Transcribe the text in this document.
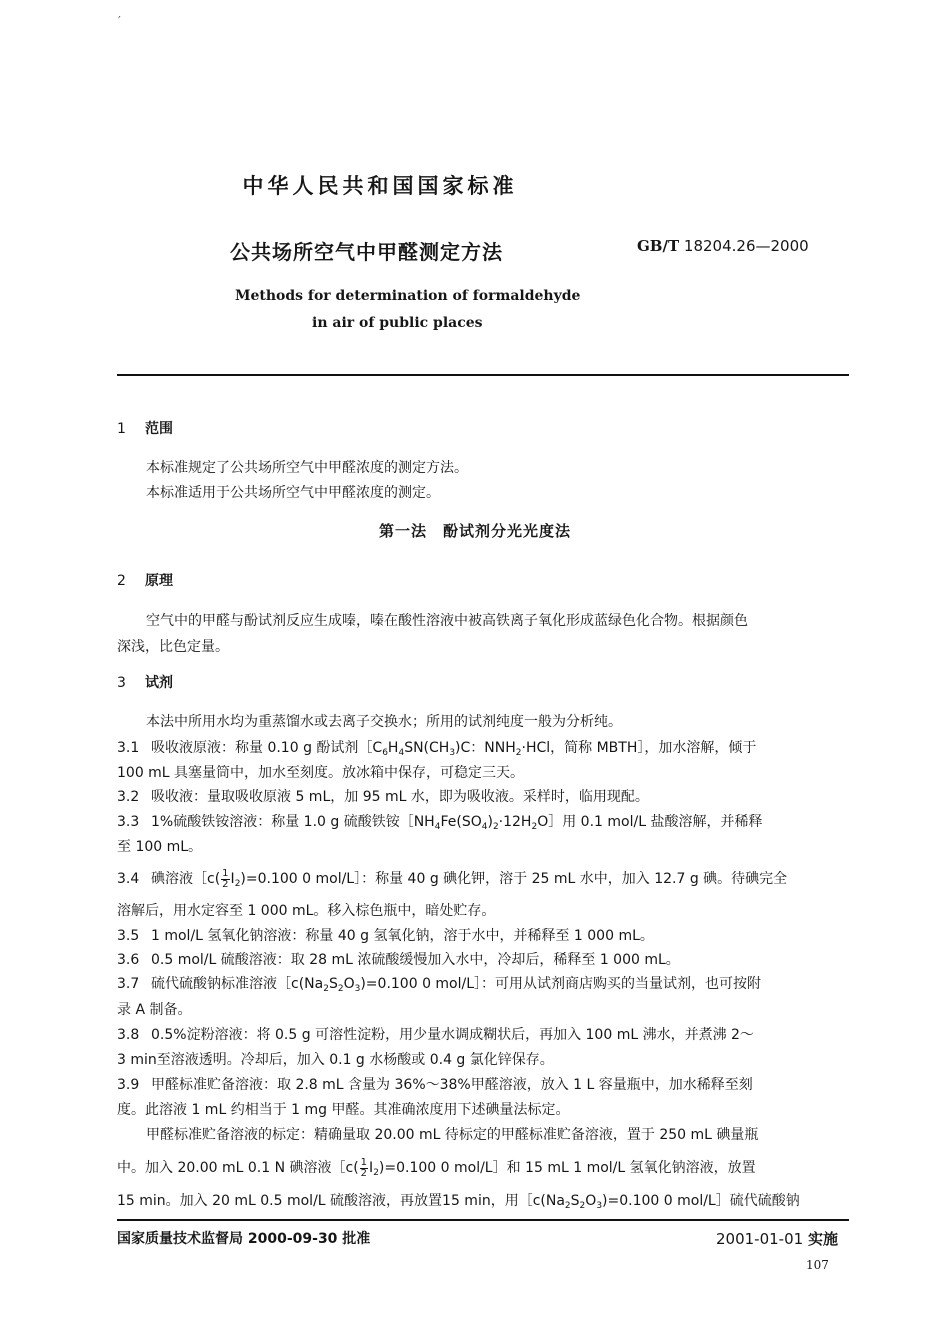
′
中华人民共和国国家标准
公共场所空气中甲醛测定方法	GB/T 18204.26—2000
Methods for determination of formaldehyde
in air of public places
1 范围
本标准规定了公共场所空气中甲醛浓度的测定方法。
本标准适用于公共场所空气中甲醛浓度的测定。
第一法　酚试剂分光光度法
2 原理
空气中的甲醛与酚试剂反应生成嗪，嗪在酸性溶液中被高铁离子氧化形成蓝绿色化合物。根据颜色
深浅，比色定量。
3 试剂
本法中所用水均为重蒸馏水或去离子交换水；所用的试剂纯度一般为分析纯。
3.1 吸收液原液：称量 0.10 g 酚试剂$[C_6H_4SN(CH_3)C$：$NNH_2\cdot HCl$，简称 MBTH］，加水溶解，倾于
100 mL 具塞量筒中，加水至刻度。放冰箱中保存，可稳定三天。
3.2 吸收液：量取吸收原液 5 mL，加 95 mL 水，即为吸收液。采样时，临用现配。
3.3 1%硫酸铁铵溶液：称量 1.0 g 硫酸铁铵$[NH_4Fe(SO_4)_2\cdot 12H_2O]$用 0.1 mol/L 盐酸溶解，并稀释
至 100 mL。
3.4 碘溶液［c( $\frac{1}{2} I_2)=0.100$ 0 mol/L］：称量 40 g 碘化钾，溶于 25 mL 水中，加入 12.7 g 碘。待碘完全
溶解后，用水定容至 1 000 mL。移入棕色瓶中，暗处贮存。
3.5 1 mol/L 氢氧化钠溶液：称量 40 g 氢氧化钠，溶于水中，并稀释至 1 000 mL。
3.6 0.5 mol/L 硫酸溶液：取 28 mL 浓硫酸缓慢加入水中，冷却后，稀释至 1 000 mL。
3.7 硫代硫酸钠标准溶液$[c(Na_2S_2O_3)=0.100$ 0 mol/L］：可用从试剂商店购买的当量试剂，也可按附
录 A 制备。
3.8 0.5%淀粉溶液：将 0.5 g 可溶性淀粉，用少量水调成糊状后，再加入 100 mL 沸水，并煮沸 2～
3 min至溶液透明。冷却后，加入 0.1 g 水杨酸或 0.4 g 氯化锌保存。
3.9 甲醛标准贮备溶液：取 2.8 mL 含量为 36%～38%甲醛溶液，放入 1 L 容量瓶中，加水稀释至刻
度。此溶液 1 mL 约相当于 1 mg 甲醛。其准确浓度用下述碘量法标定。
甲醛标准贮备溶液的标定：精确量取 20.00 mL 待标定的甲醛标准贮备溶液，置于 250 mL 碘量瓶
中。加入 20.00 mL 0.1 N 碘溶液［c( $\frac{1}{2} I_2)=0.100$ 0 mol/L］和 15 mL 1 mol/L 氢氧化钠溶液，放置
15 min。加入 20 mL 0.5 mol/L 硫酸溶液，再放置15 min，用$[c(Na_2S_2O_3)=0.100$ 0 mol/L］硫代硫酸钠
国家质量技术监督局 2000-09-30 批准	2001-01-01 实施
107
